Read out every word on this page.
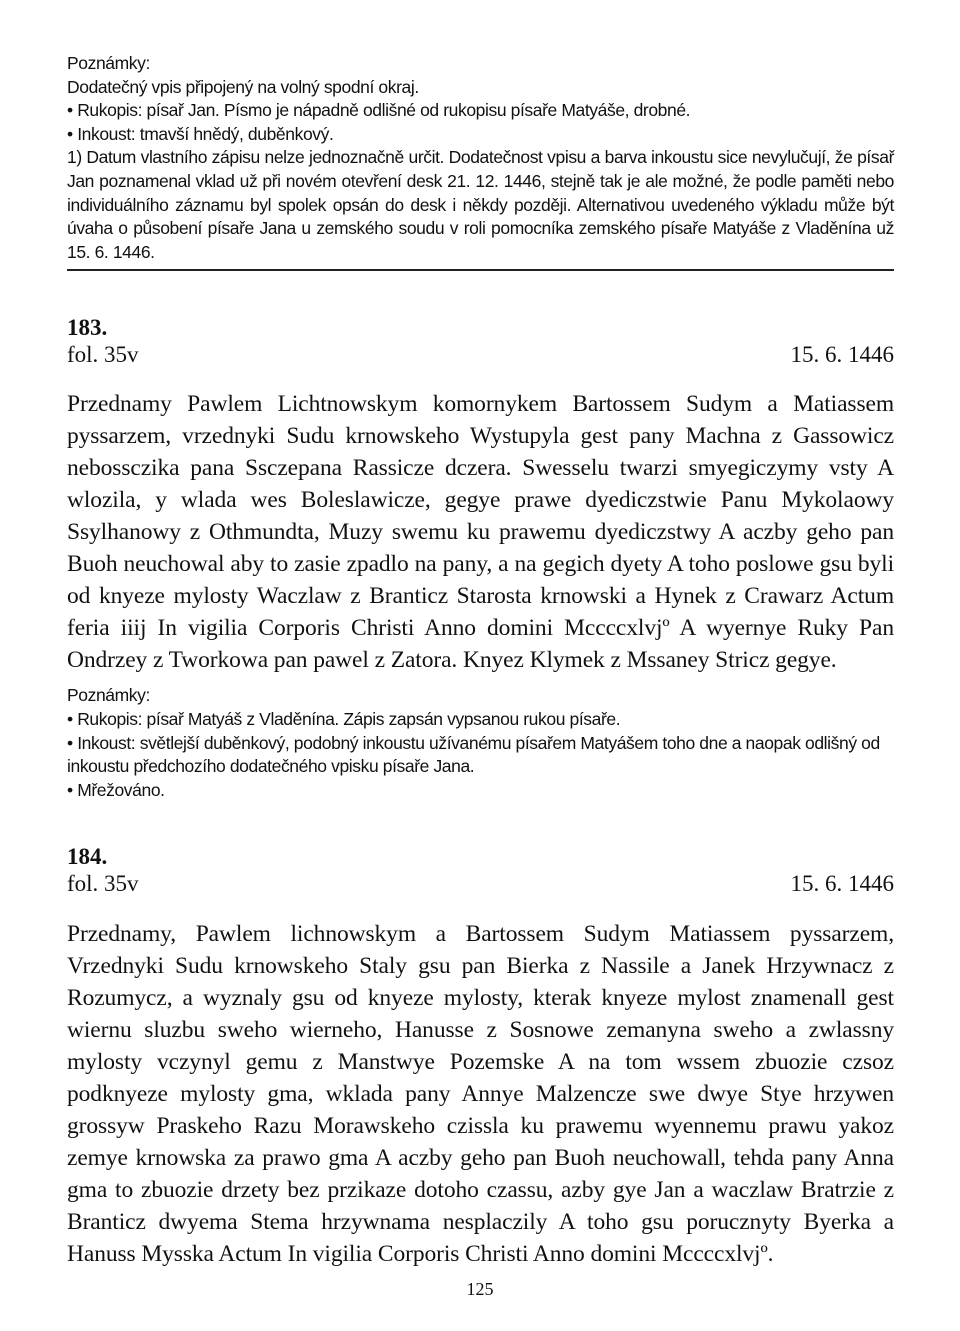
Poznámky:

Dodatečný vpis připojený na volný spodní okraj.

• Rukopis: písař Jan. Písmo je nápadně odlišné od rukopisu písaře Matyáše, drobné.

• Inkoust: tmavší hnědý, duběnkový.

1) Datum vlastního zápisu nelze jednoznačně určit. Dodatečnost vpisu a barva inkoustu sice nevylučují, že písař Jan poznamenal vklad už při novém otevření desk 21. 12. 1446, stejně tak je ale možné, že podle paměti nebo individuálního záznamu byl spolek opsán do desk i někdy později. Alternativou uvedeného výkladu může být úvaha o působení písaře Jana u zemského soudu v roli pomocníka zemského písaře Matyáše z Vladěnína už 15. 6. 1446.

183.

fol. 35v	15. 6. 1446

Przednamy Pawlem Lichtnowskym komornykem Bartossem Sudym a Matiassem pyssarzem, vrzednyki Sudu krnowskeho Wystupyla gest pany Machna z Gassowicz nebossczika pana Ssczepana Rassicze dczera. Swesselu twarzi smyegiczymy vsty A wlozila, y wlada wes Boleslawicze, gegye prawe dyediczstwie Panu Mykolaowy Ssylhanowy z Othmundta, Muzy swemu ku prawemu dyediczstwy A aczby geho pan Buoh neuchowal aby to zasie zpadlo na pany, a na gegich dyety A toho poslowe gsu byli od knyeze mylosty Waczlaw z Branticz Starosta krnowski a Hynek z Crawarz Actum feria iiij In vigilia Corporis Christi Anno domini Mccccxlvjº A wyernye Ruky Pan Ondrzey z Tworkowa pan pawel z Zatora. Knyez Klymek z Mssaney Stricz gegye.

Poznámky:

• Rukopis: písař Matyáš z Vladěnína. Zápis zapsán vypsanou rukou písaře.

• Inkoust: světlejší duběnkový, podobný inkoustu užívanému písařem Matyášem toho dne a naopak odlišný od inkoustu předchozího dodatečného vpisku písaře Jana.

• Mřežováno.

184.

fol. 35v	15. 6. 1446

Przednamy, Pawlem lichnowskym a Bartossem Sudym Matiassem pyssarzem, Vrzednyki Sudu krnowskeho Staly gsu pan Bierka z Nassile a Janek Hrzywnacz z Rozumycz, a wyznaly gsu od knyeze mylosty, kterak knyeze mylost znamenall gest wiernu sluzbu sweho wierneho, Hanusse z Sosnowe zemanyna sweho a zwlassny mylosty vczynyl gemu z Manstwye Pozemske A na tom wssem zbuozie czsoz podknyeze mylosty gma, wklada pany Annye Malzencze swe dwye Stye hrzywen grossyw Praskeho Razu Morawskeho czissla ku prawemu wyennemu prawu yakoz zemye krnowska za prawo gma A aczby geho pan Buoh neuchowall, tehda pany Anna gma to zbuozie drzety bez przikaze dotoho czassu, azby gye Jan a waczlaw Bratrzie z Branticz dwyema Stema hrzywnama nesplaczily A toho gsu porucznyty Byerka a Hanuss Mysska Actum In vigilia Corporis Christi Anno domini Mccccxlvjº.

125
